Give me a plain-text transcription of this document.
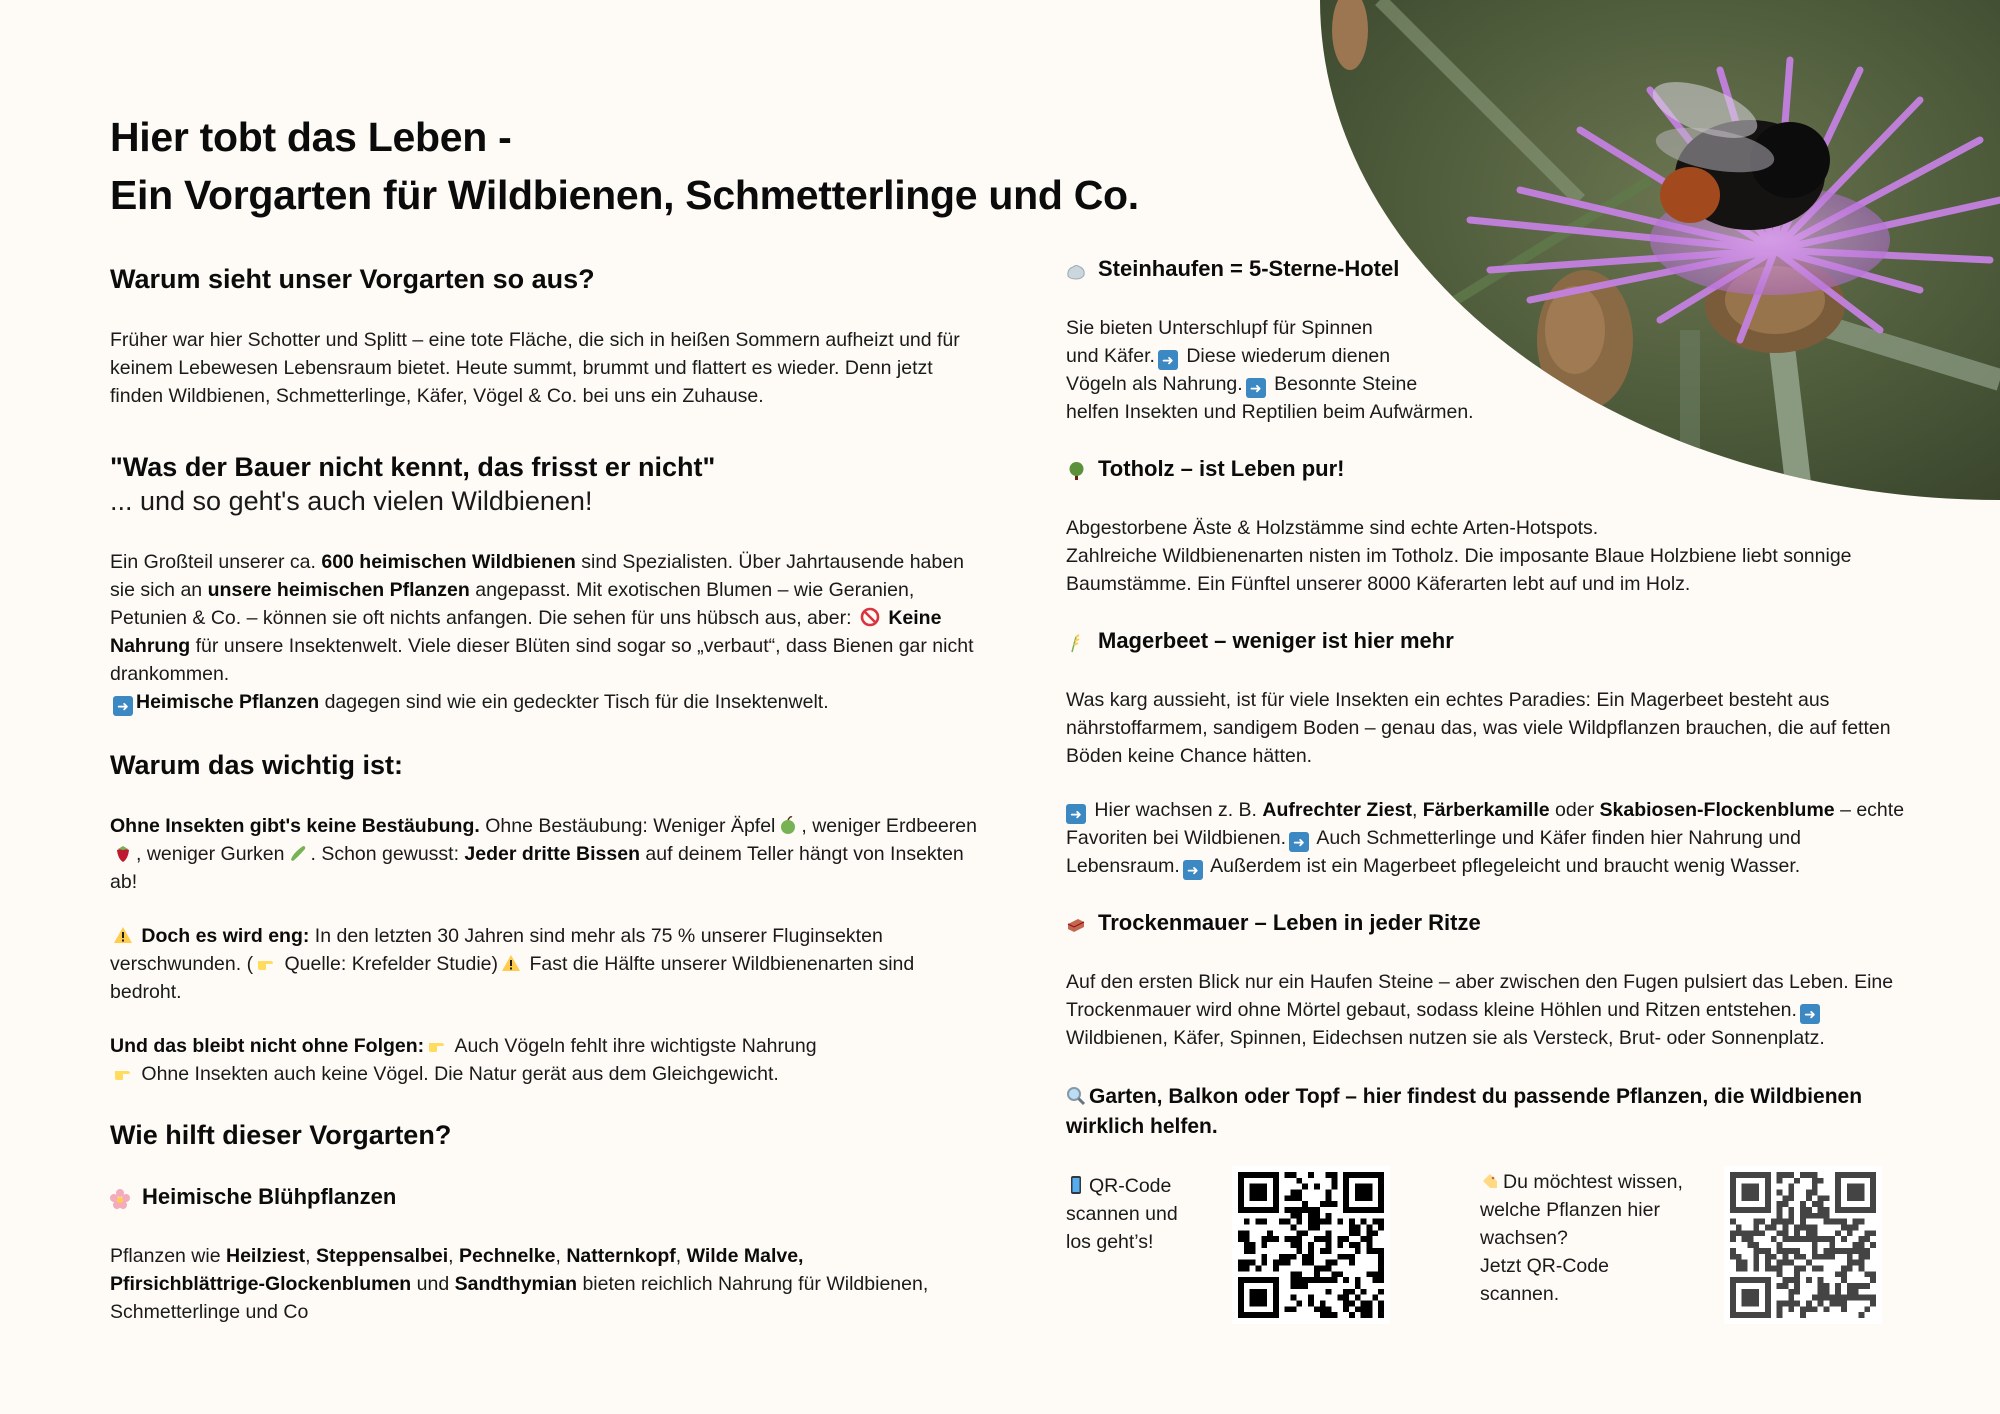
Hier tobt das Leben -
Ein Vorgarten für Wildbienen, Schmetterlinge und Co.
Warum sieht unser Vorgarten so aus?

Früher war hier Schotter und Splitt – eine tote Fläche, die sich in heißen Sommern aufheizt und für keinem Lebewesen Lebensraum bietet. Heute summt, brummt und flattert es wieder. Denn jetzt finden Wildbienen, Schmetterlinge, Käfer, Vögel & Co. bei uns ein Zuhause.

"Was der Bauer nicht kennt, das frisst er nicht"
... und so geht's auch vielen Wildbienen!

Ein Großteil unserer ca. 600 heimischen Wildbienen sind Spezialisten. Über Jahrtausende haben sie sich an unsere heimischen Pflanzen angepasst. Mit exotischen Blumen – wie Geranien, Petunien & Co. – können sie oft nichts anfangen. Die sehen für uns hübsch aus, aber:  Keine Nahrung für unsere Insektenwelt. Viele dieser Blüten sind sogar so „verbaut“, dass Bienen gar nicht drankommen.
➜ Heimische Pflanzen dagegen sind wie ein gedeckter Tisch für die Insektenwelt.

Warum das wichtig ist:

Ohne Insekten gibt's keine Bestäubung. Ohne Bestäubung: Weniger Äpfel , weniger Erdbeeren, weniger Gurken . Schon gewusst: Jeder dritte Bissen auf deinem Teller hängt von Insekten ab!

Doch es wird eng: In den letzten 30 Jahren sind mehr als 75 % unserer Fluginsekten verschwunden. ( Quelle: Krefelder Studie) Fast die Hälfte unserer Wildbienenarten sind bedroht.

Und das bleibt nicht ohne Folgen: Auch Vögeln fehlt ihre wichtigste Nahrung
Ohne Insekten auch keine Vögel. Die Natur gerät aus dem Gleichgewicht.

Wie hilft dieser Vorgarten?
Heimische Blühpflanzen

Pflanzen wie Heilziest, Steppensalbei, Pechnelke, Natternkopf, Wilde Malve,
Pfirsichblättrige-Glockenblumen und Sandthymian bieten reichlich Nahrung für Wildbienen, Schmetterlinge und Co

Steinhaufen = 5-Sterne-Hotel

Sie bieten Unterschlupf für Spinnen
und Käfer. ➜ Diese wiederum dienen
Vögeln als Nahrung. ➜ Besonnte Steine
helfen Insekten und Reptilien beim Aufwärmen.

Totholz – ist Leben pur!

Abgestorbene Äste & Holzstämme sind echte Arten-Hotspots.
Zahlreiche Wildbienenarten nisten im Totholz. Die imposante Blaue Holzbiene liebt sonnige Baumstämme. Ein Fünftel unserer 8000 Käferarten lebt auf und im Holz.

Magerbeet – weniger ist hier mehr

Was karg aussieht, ist für viele Insekten ein echtes Paradies: Ein Magerbeet besteht aus nährstoffarmem, sandigem Boden – genau das, was viele Wildpflanzen brauchen, die auf fetten Böden keine Chance hätten.

➜ Hier wachsen z. B. Aufrechter Ziest, Färberkamille oder Skabiosen-Flockenblume – echte Favoriten bei Wildbienen. ➜ Auch Schmetterlinge und Käfer finden hier Nahrung und Lebensraum. ➜ Außerdem ist ein Magerbeet pflegeleicht und braucht wenig Wasser.

Trockenmauer – Leben in jeder Ritze

Auf den ersten Blick nur ein Haufen Steine – aber zwischen den Fugen pulsiert das Leben. Eine Trockenmauer wird ohne Mörtel gebaut, sodass kleine Höhlen und Ritzen entstehen. ➜ Wildbienen, Käfer, Spinnen, Eidechsen nutzen sie als Versteck, Brut- oder Sonnenplatz.

Garten, Balkon oder Topf – hier findest du passende Pflanzen, die Wildbienen wirklich helfen.

QR-Code
scannen und
los geht’s!
Du möchtest wissen,
welche Pflanzen hier
wachsen?
Jetzt QR-Code
scannen.
